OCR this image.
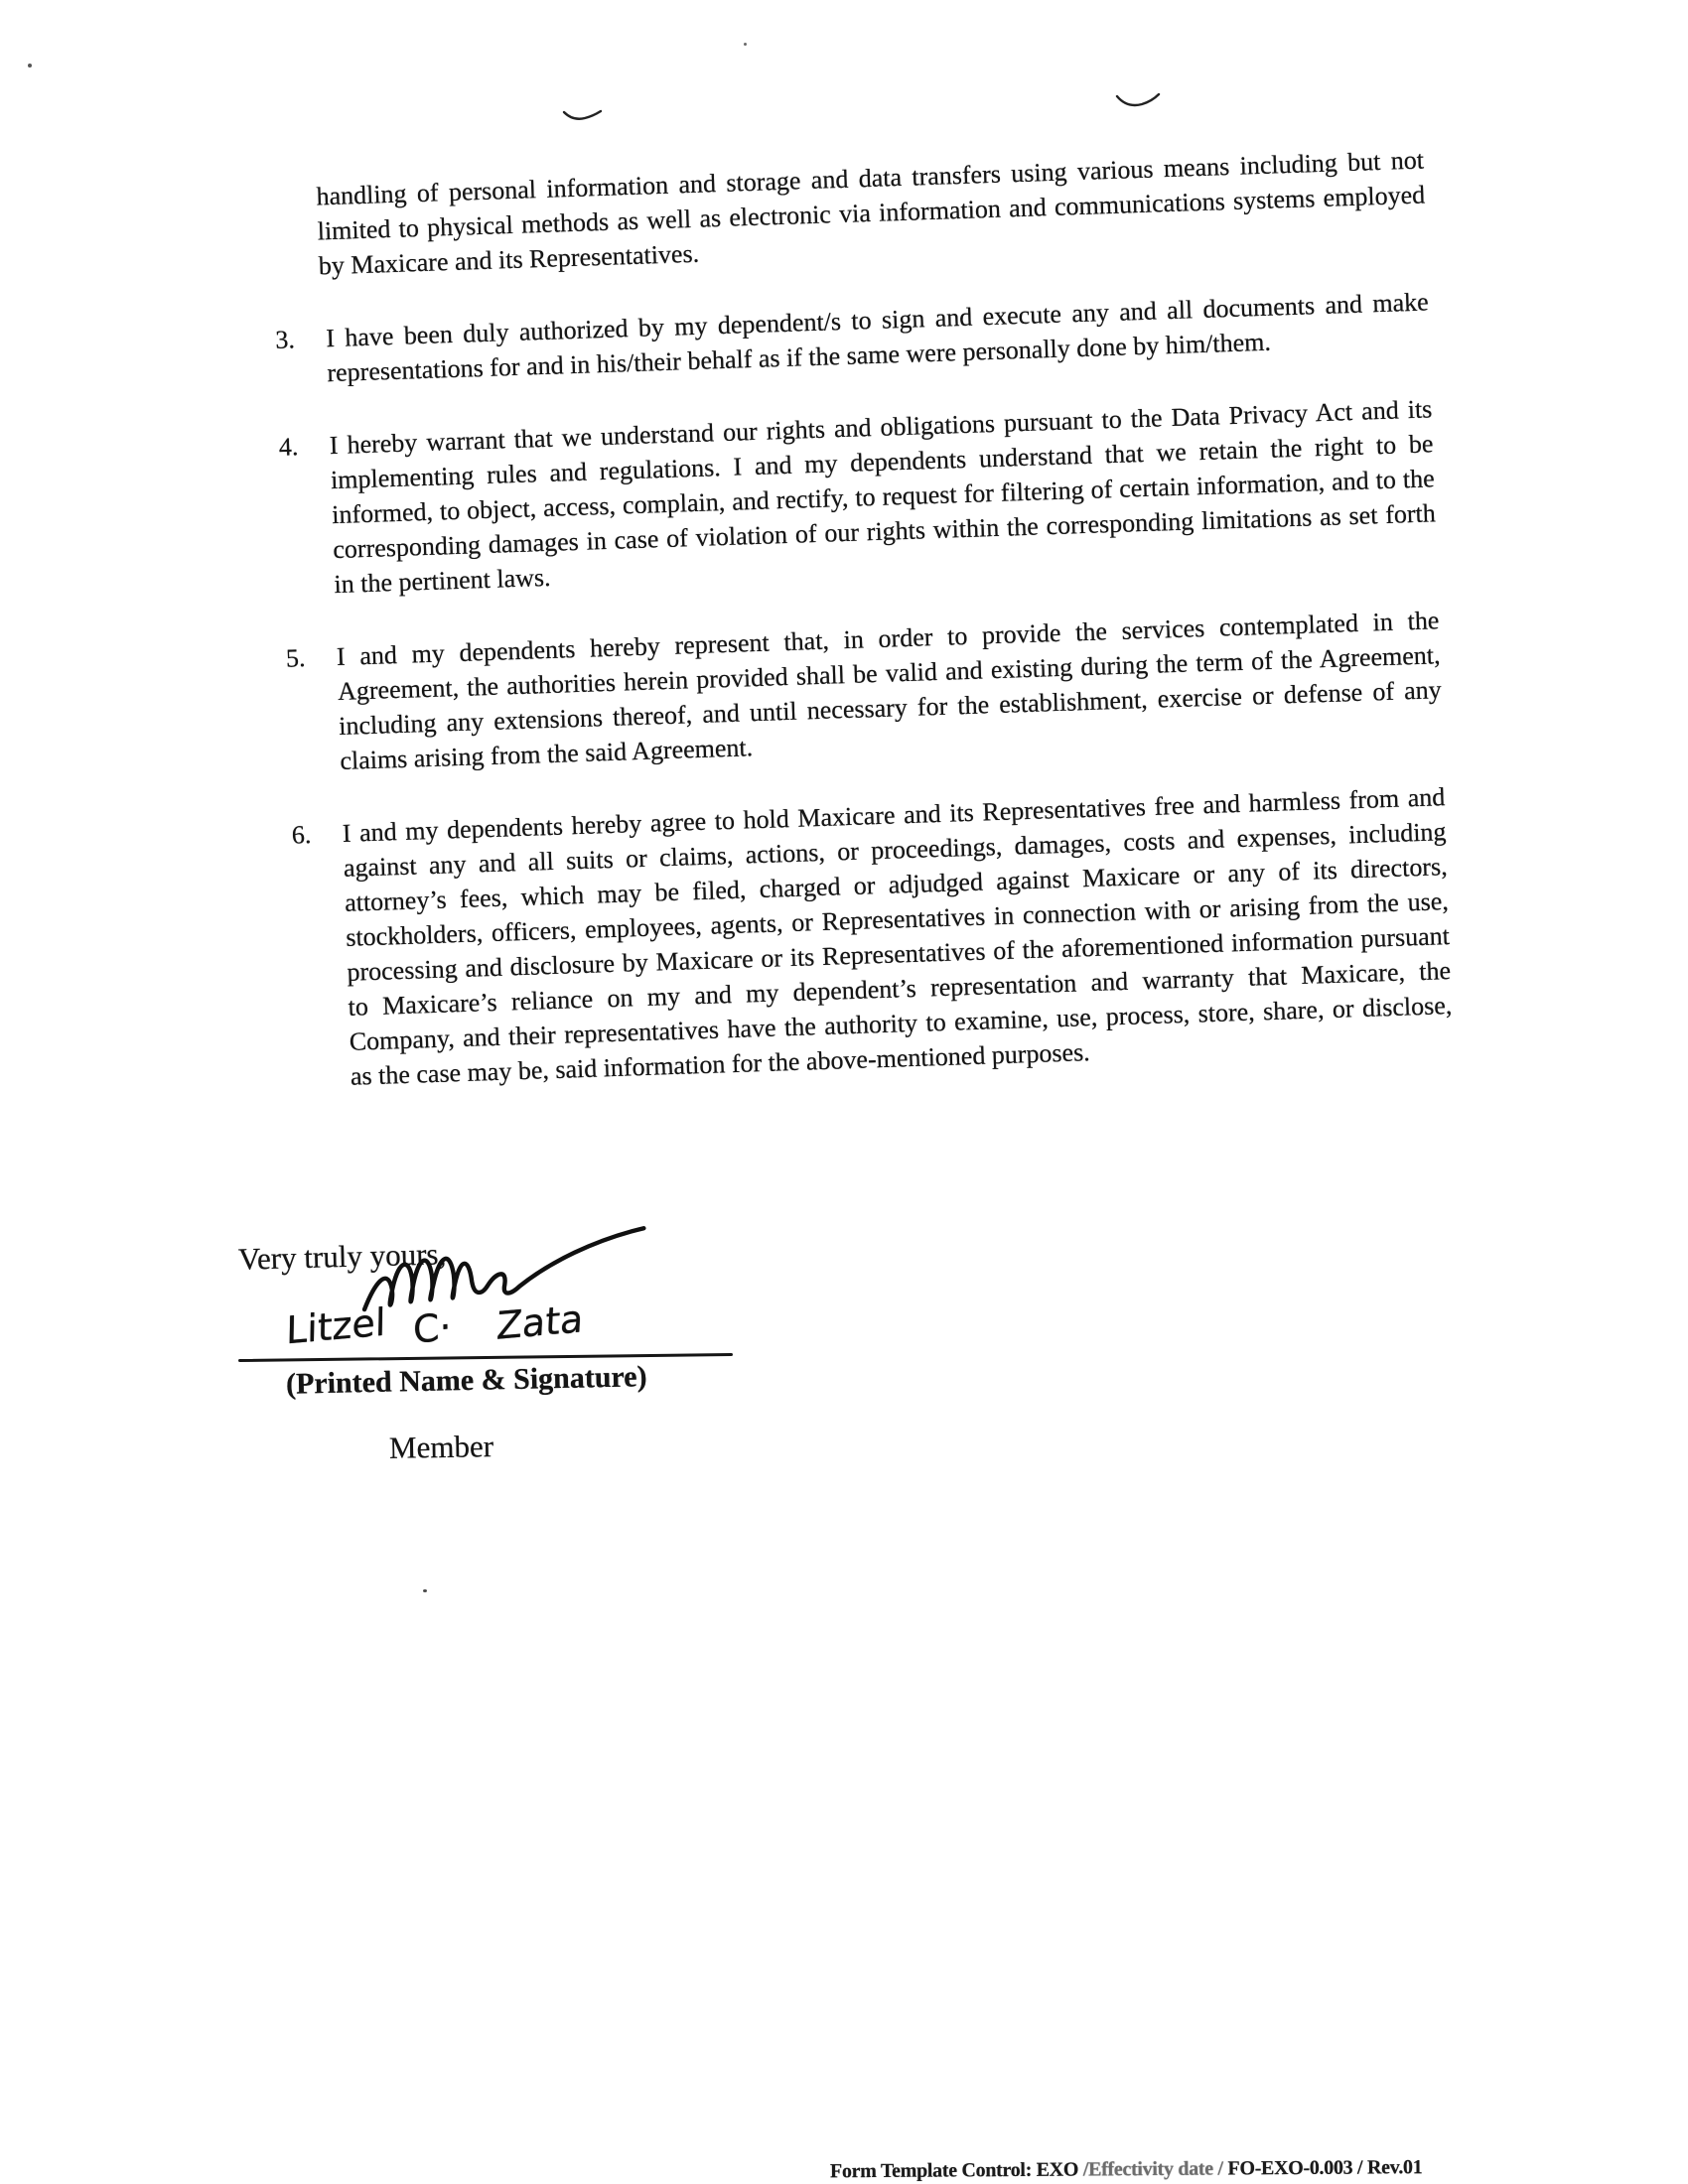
handling of personal information and storage and data transfers using various means including but not limited to physical methods as well as electronic via information and communications systems employed by Maxicare and its Representatives.

3.	I have been duly authorized by my dependent/s to sign and execute any and all documents and make representations for and in his/their behalf as if the same were personally done by him/them.
4.	I hereby warrant that we understand our rights and obligations pursuant to the Data Privacy Act and its implementing rules and regulations. I and my dependents understand that we retain the right to be informed, to object, access, complain, and rectify, to request for filtering of certain information, and to the corresponding damages in case of violation of our rights within the corresponding limitations as set forth in the pertinent laws.
5.	I and my dependents hereby represent that, in order to provide the services contemplated in the Agreement, the authorities herein provided shall be valid and existing during the term of the Agreement, including any extensions thereof, and until necessary for the establishment, exercise or defense of any claims arising from the said Agreement.
6.	I and my dependents hereby agree to hold Maxicare and its Representatives free and harmless from and against any and all suits or claims, actions, or proceedings, damages, costs and expenses, including attorney’s fees, which may be filed, charged or adjudged against Maxicare or any of its directors, stockholders, officers, employees, agents, or Representatives in connection with or arising from the use, processing and disclosure by Maxicare or its Representatives of the aforementioned information pursuant to Maxicare’s reliance on my and my dependent’s representation and warranty that Maxicare, the Company, and their representatives have the authority to examine, use, process, store, share, or disclose, as the case may be, said information for the above-mentioned purposes.
Very truly yours,
Litzel C· Zata
(Printed Name & Signature)
Member
Form Template Control: EXO /Effectivity date / FO-EXO-0.003 / Rev.01
